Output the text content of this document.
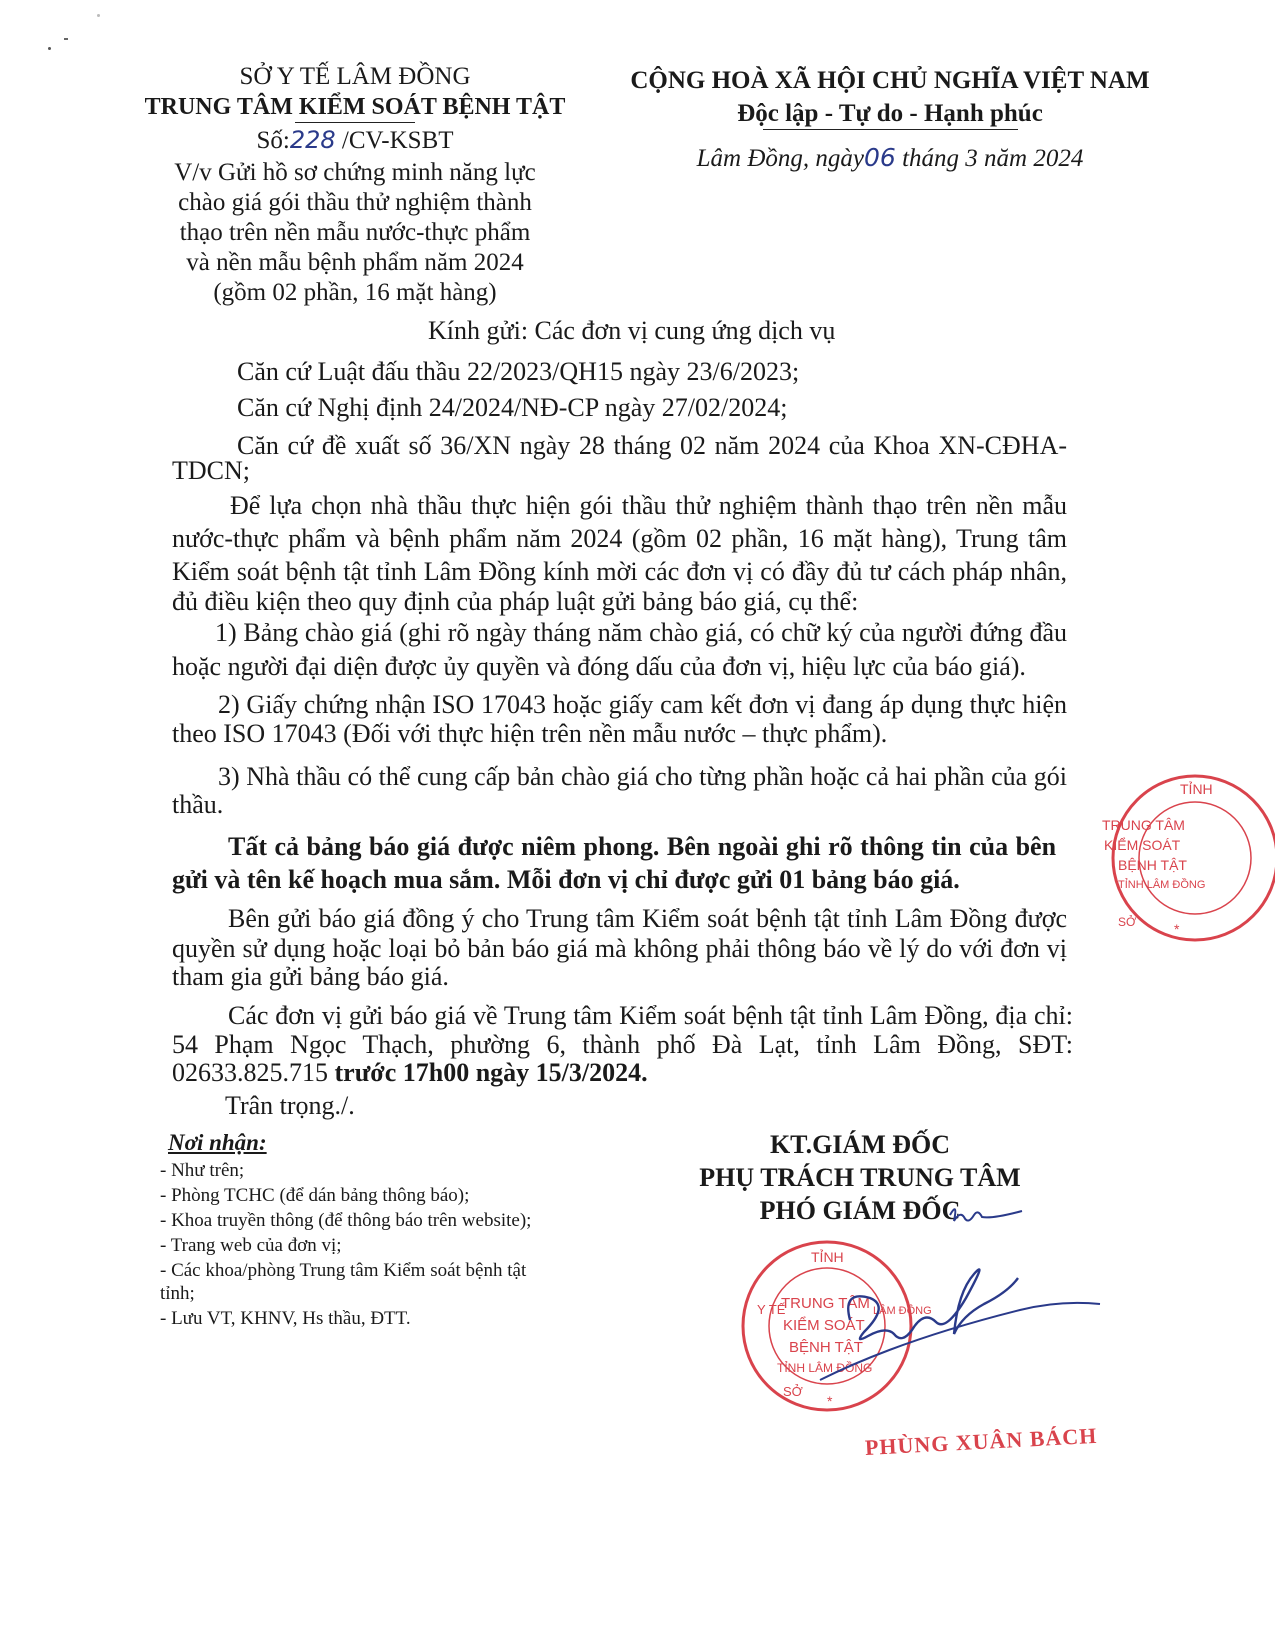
SỞ Y TẾ LÂM ĐỒNG
TRUNG TÂM KIỂM SOÁT BỆNH TẬT
Số:228 /CV-KSBT
V/v Gửi hồ sơ chứng minh năng lực
chào giá gói thầu thử nghiệm thành
thạo trên nền mẫu nước-thực phẩm
và nền mẫu bệnh phẩm năm 2024
(gồm 02 phần, 16 mặt hàng)
CỘNG HOÀ XÃ HỘI CHỦ NGHĨA VIỆT NAM
Độc lập - Tự do - Hạnh phúc
Lâm Đồng, ngày06 tháng 3 năm 2024
Kính gửi: Các đơn vị cung ứng dịch vụ
Căn cứ Luật đấu thầu 22/2023/QH15 ngày 23/6/2023;
Căn cứ Nghị định 24/2024/NĐ-CP ngày 27/02/2024;
Căn cứ đề xuất số 36/XN ngày 28 tháng 02 năm 2024 của Khoa XN-CĐHA-
TDCN;
Để lựa chọn nhà thầu thực hiện gói thầu thử nghiệm thành thạo trên nền mẫu
nước-thực phẩm và bệnh phẩm năm 2024 (gồm 02 phần, 16 mặt hàng), Trung tâm
Kiểm soát bệnh tật tỉnh Lâm Đồng kính mời các đơn vị có đầy đủ tư cách pháp nhân,
đủ điều kiện theo quy định của pháp luật gửi bảng báo giá, cụ thể:
1) Bảng chào giá (ghi rõ ngày tháng năm chào giá, có chữ ký của người đứng đầu
hoặc người đại diện được ủy quyền và đóng dấu của đơn vị, hiệu lực của báo giá).
2) Giấy chứng nhận ISO 17043 hoặc giấy cam kết đơn vị đang áp dụng thực hiện
theo ISO 17043 (Đối với thực hiện trên nền mẫu nước – thực phẩm).
3) Nhà thầu có thể cung cấp bản chào giá cho từng phần hoặc cả hai phần của gói
thầu.
Tất cả bảng báo giá được niêm phong. Bên ngoài ghi rõ thông tin của bên
gửi và tên kế hoạch mua sắm. Mỗi đơn vị chỉ được gửi 01 bảng báo giá.
Bên gửi báo giá đồng ý cho Trung tâm Kiểm soát bệnh tật tỉnh Lâm Đồng được
quyền sử dụng hoặc loại bỏ bản báo giá mà không phải thông báo về lý do với đơn vị
tham gia gửi bảng báo giá.
Các đơn vị gửi báo giá về Trung tâm Kiểm soát bệnh tật tỉnh Lâm Đồng, địa chỉ:
54 Phạm Ngọc Thạch, phường 6, thành phố Đà Lạt, tỉnh Lâm Đồng, SĐT:
02633.825.715 trước 17h00 ngày 15/3/2024.
Trân trọng./.
Nơi nhận:
- Như trên;
- Phòng TCHC (để dán bảng thông báo);
- Khoa truyền thông (để thông báo trên website);
- Trang web của đơn vị;
- Các khoa/phòng Trung tâm Kiểm soát bệnh tật
tỉnh;
- Lưu VT, KHNV, Hs thầu, ĐTT.
KT.GIÁM ĐỐC
PHỤ TRÁCH TRUNG TÂM
PHÓ GIÁM ĐỐC
TỈNH
TRUNG TÂM
KIỂM SOÁT
BỆNH TẬT
TỈNH LÂM ĐỒNG
SỞ	*
TỈNH
Y TẾ	LÂM ĐỒNG
TRUNG TÂM
KIỂM SOÁT
BỆNH TẬT
TỈNH LÂM ĐỒNG
SỞ
*
PHÙNG XUÂN BÁCH
